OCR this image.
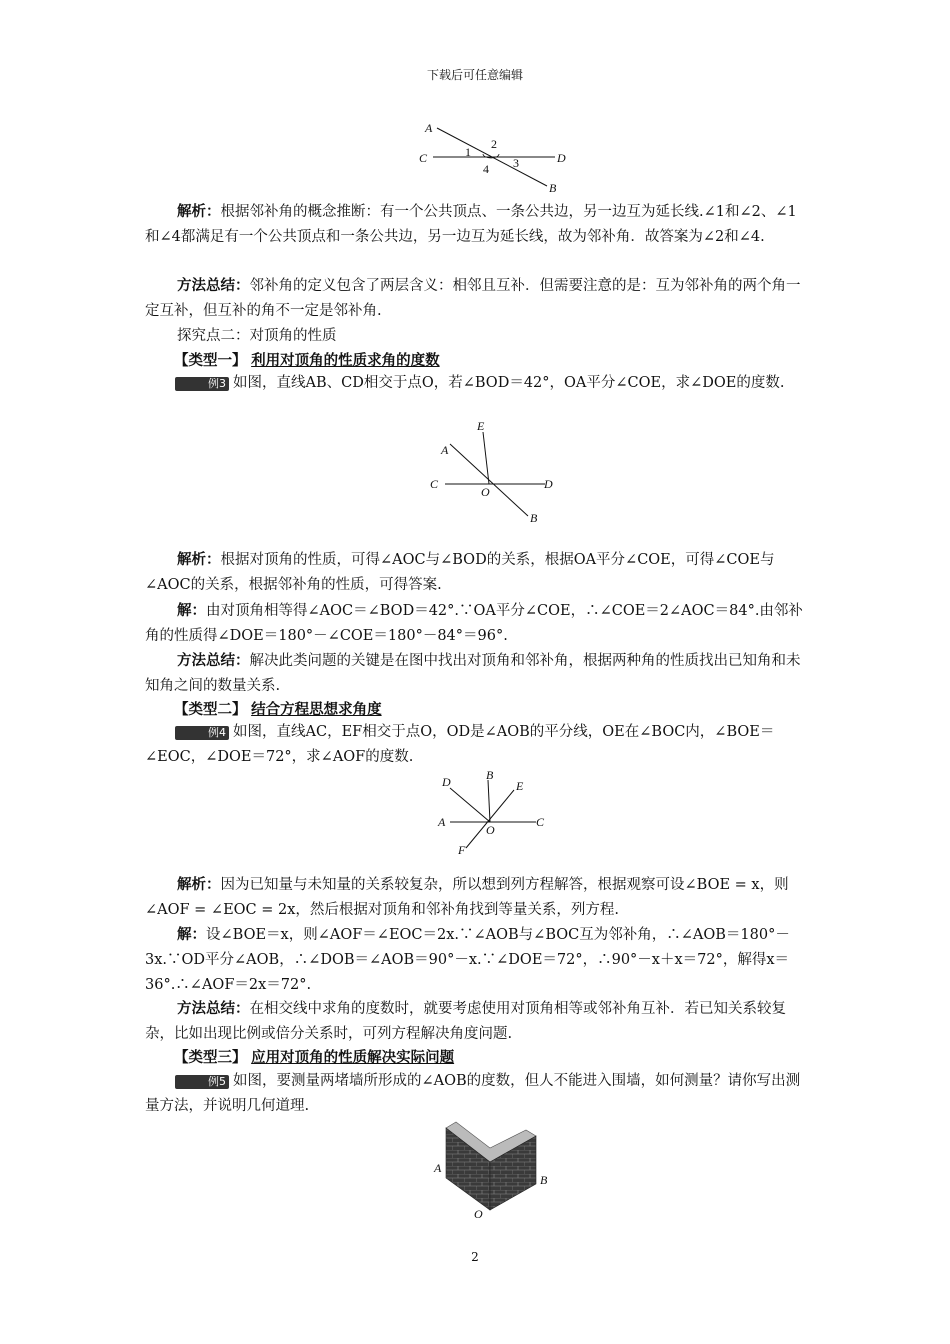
下载后可任意编辑
A
C	D
B
1
2
3
4

解析：根据邻补角的概念推断：有一个公共顶点、一条公共边，另一边互为延长线.∠1和∠2、∠1和∠4都满足有一个公共顶点和一条公共边，另一边互为延长线，故为邻补角．故答案为∠2和∠4.

方法总结：邻补角的定义包含了两层含义：相邻且互补．但需要注意的是：互为邻补角的两个角一定互补，但互补的角不一定是邻补角.

探究点二：对顶角的性质

【类型一】 利用对顶角的性质求角的度数

例3 如图，直线AB、CD相交于点O，若∠BOD＝42°，OA平分∠COE，求∠DOE的度数.

E
A
C	D
O
B

解析：根据对顶角的性质，可得∠AOC与∠BOD的关系，根据OA平分∠COE，可得∠COE与∠AOC的关系，根据邻补角的性质，可得答案.

解：由对顶角相等得∠AOC＝∠BOD＝42°.∵OA平分∠COE，∴∠COE＝2∠AOC＝84°.由邻补角的性质得∠DOE＝180°－∠COE＝180°－84°＝96°.

方法总结：解决此类问题的关键是在图中找出对顶角和邻补角，根据两种角的性质找出已知角和未知角之间的数量关系.

【类型二】 结合方程思想求角度

例4 如图，直线AC，EF相交于点O，OD是∠AOB的平分线，OE在∠BOC内，∠BOE＝∠EOC，∠DOE＝72°，求∠AOF的度数.

D	B
E
A	C
O
F

解析：因为已知量与未知量的关系较复杂，所以想到列方程解答，根据观察可设∠BOE = x，则∠AOF = ∠EOC = 2x，然后根据对顶角和邻补角找到等量关系，列方程.

解：设∠BOE＝x，则∠AOF＝∠EOC＝2x.∵∠AOB与∠BOC互为邻补角，∴∠AOB＝180°－3x.∵OD平分∠AOB，∴∠DOB＝∠AOB＝90°－x.∵∠DOE＝72°，∴90°－x＋x＝72°，解得x＝36°.∴∠AOF＝2x＝72°.

方法总结：在相交线中求角的度数时，就要考虑使用对顶角相等或邻补角互补．若已知关系较复杂，比如出现比例或倍分关系时，可列方程解决角度问题.

【类型三】 应用对顶角的性质解决实际问题

例5 如图，要测量两堵墙所形成的∠AOB的度数，但人不能进入围墙，如何测量？请你写出测量方法，并说明几何道理.

A
B
O
2
